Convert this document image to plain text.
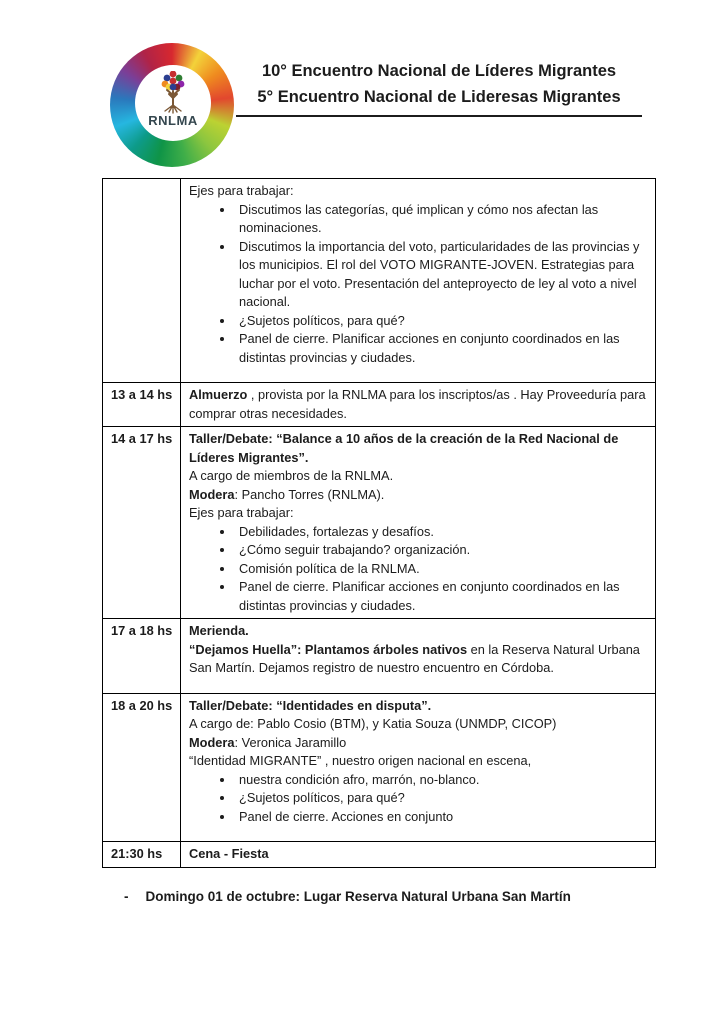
RNLMA
10° Encuentro Nacional de Líderes Migrantes
5° Encuentro Nacional de Lideresas Migrantes

Ejes para trabajar:
• Discutimos las categorías, qué implican y cómo nos afectan las nominaciones.
• Discutimos la importancia del voto, particularidades de las provincias y los municipios. El rol del VOTO MIGRANTE-JOVEN. Estrategias para luchar por el voto. Presentación del anteproyecto de ley al voto a nivel nacional.
• ¿Sujetos políticos, para qué?
• Panel de cierre. Planificar acciones en conjunto coordinados en las distintas provincias y ciudades.

13 a 14 hs	Almuerzo , provista por la RNLMA para los inscriptos/as . Hay Proveeduría para comprar otras necesidades.

14 a 17 hs	Taller/Debate: “Balance a 10 años de la creación de la Red Nacional de Líderes Migrantes”.
A cargo de miembros de la RNLMA.
Modera: Pancho Torres (RNLMA).
Ejes para trabajar:
• Debilidades, fortalezas y desafíos.
• ¿Cómo seguir trabajando? organización.
• Comisión política de la RNLMA.
• Panel de cierre. Planificar acciones en conjunto coordinados en las distintas provincias y ciudades.

17 a 18 hs	Merienda.
“Dejamos Huella”: Plantamos árboles nativos en la Reserva Natural Urbana San Martín. Dejamos registro de nuestro encuentro en Córdoba.

18 a 20 hs	Taller/Debate: “Identidades en disputa”.
A cargo de: Pablo Cosio (BTM), y Katia Souza (UNMDP, CICOP)
Modera: Veronica Jaramillo
“Identidad MIGRANTE” , nuestro origen nacional en escena,
• nuestra condición afro, marrón, no-blanco.
• ¿Sujetos políticos, para qué?
• Panel de cierre. Acciones en conjunto

21:30 hs	Cena - Fiesta
- Domingo 01 de octubre: Lugar Reserva Natural Urbana San Martín
